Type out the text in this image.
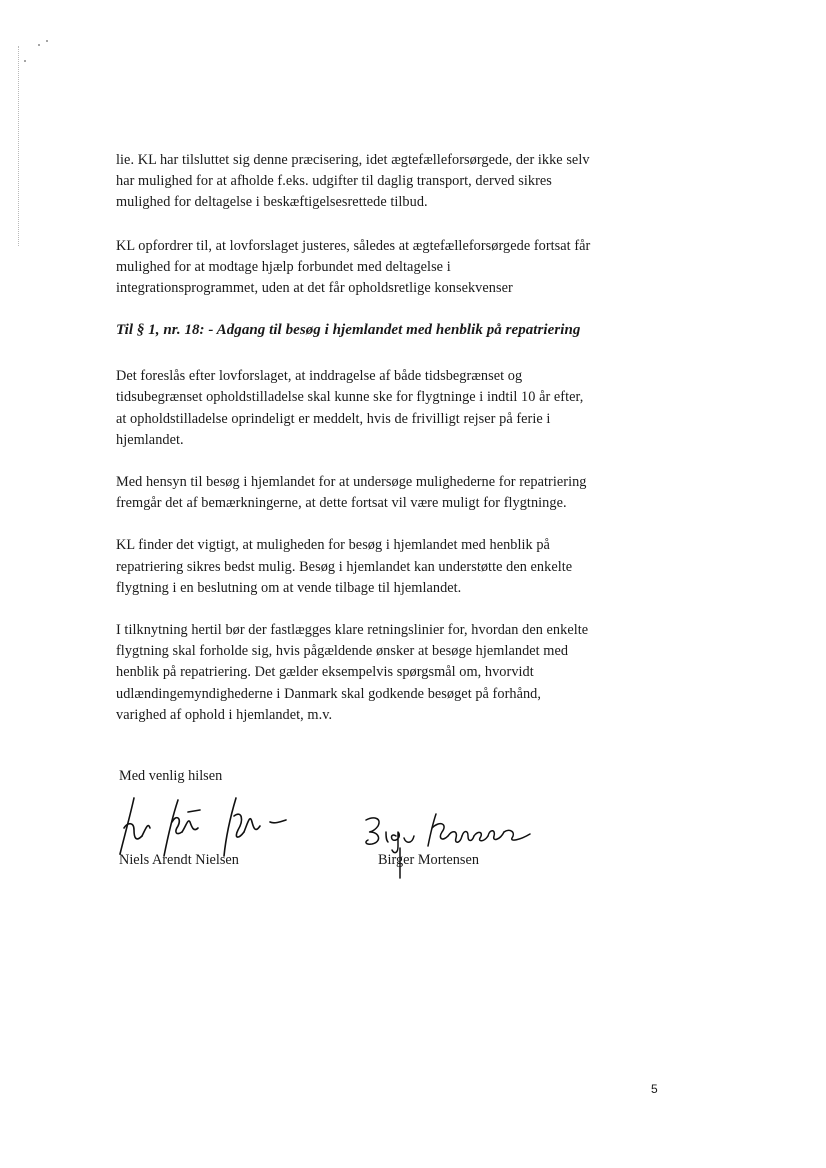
lie. KL har tilsluttet sig denne præcisering, idet ægtefælleforsørgede, der ikke selv har mulighed for at afholde f.eks. udgifter til daglig transport, derved sikres mulighed for deltagelse i beskæftigelsesrettede tilbud.

KL opfordrer til, at lovforslaget justeres, således at ægtefælleforsørgede fortsat får mulighed for at modtage hjælp forbundet med deltagelse i integrationsprogrammet, uden at det får opholdsretlige konsekvenser

Til § 1, nr. 18: - Adgang til besøg i hjemlandet med henblik på repatriering

Det foreslås efter lovforslaget, at inddragelse af både tidsbegrænset og tidsubegrænset opholdstilladelse skal kunne ske for flygtninge i indtil 10 år efter, at opholdstilladelse oprindeligt er meddelt, hvis de frivilligt rejser på ferie i hjemlandet.

Med hensyn til besøg i hjemlandet for at undersøge mulighederne for repatriering fremgår det af bemærkningerne, at dette fortsat vil være muligt for flygtninge.

KL finder det vigtigt, at muligheden for besøg i hjemlandet med henblik på repatriering sikres bedst mulig. Besøg i hjemlandet kan understøtte den enkelte flygtning i en beslutning om at vende tilbage til hjemlandet.

I tilknytning hertil bør der fastlægges klare retningslinier for, hvordan den enkelte flygtning skal forholde sig, hvis pågældende ønsker at besøge hjemlandet med henblik på repatriering. Det gælder eksempelvis spørgsmål om, hvorvidt udlændingemyndighederne i Danmark skal godkende besøget på forhånd, varighed af ophold i hjemlandet, m.v.

Med venlig hilsen
Niels Arendt Nielsen	Birger Mortensen
5
